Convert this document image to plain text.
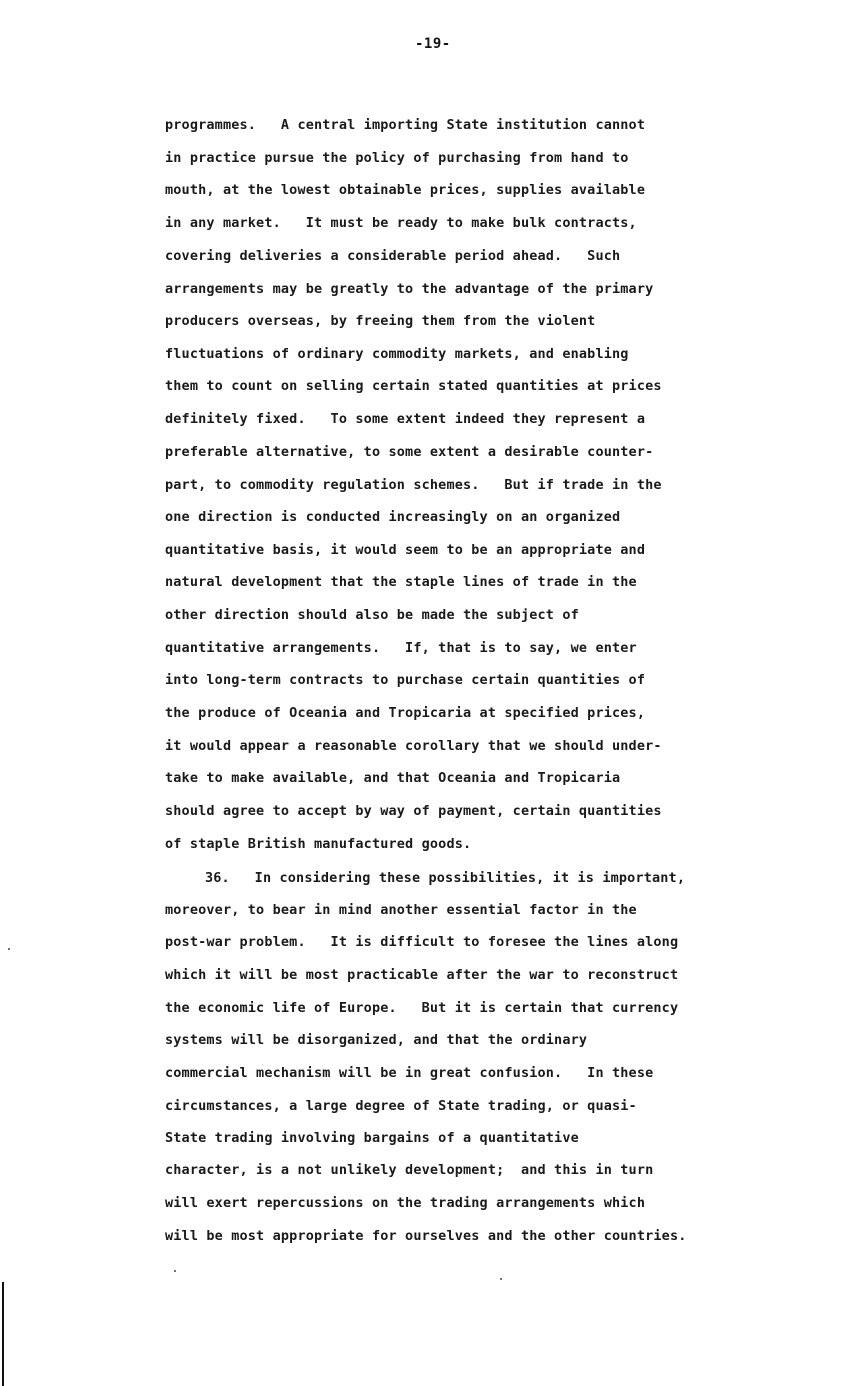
-19-
programmes.   A central importing State institution cannot
in practice pursue the policy of purchasing from hand to
mouth, at the lowest obtainable prices, supplies available
in any market.   It must be ready to make bulk contracts,
covering deliveries a considerable period ahead.   Such
arrangements may be greatly to the advantage of the primary
producers overseas, by freeing them from the violent
fluctuations of ordinary commodity markets, and enabling
them to count on selling certain stated quantities at prices
definitely fixed.   To some extent indeed they represent a
preferable alternative, to some extent a desirable counter-
part, to commodity regulation schemes.   But if trade in the
one direction is conducted increasingly on an organized
quantitative basis, it would seem to be an appropriate and
natural development that the staple lines of trade in the
other direction should also be made the subject of
quantitative arrangements.   If, that is to say, we enter
into long-term contracts to purchase certain quantities of
the produce of Oceania and Tropicaria at specified prices,
it would appear a reasonable corollary that we should under-
take to make available, and that Oceania and Tropicaria
should agree to accept by way of payment, certain quantities
of staple British manufactured goods.
36.   In considering these possibilities, it is important,
moreover, to bear in mind another essential factor in the
post-war problem.   It is difficult to foresee the lines along
which it will be most practicable after the war to reconstruct
the economic life of Europe.   But it is certain that currency
systems will be disorganized, and that the ordinary
commercial mechanism will be in great confusion.   In these
circumstances, a large degree of State trading, or quasi-
State trading involving bargains of a quantitative
character, is a not unlikely development;  and this in turn
will exert repercussions on the trading arrangements which
will be most appropriate for ourselves and the other countries.
